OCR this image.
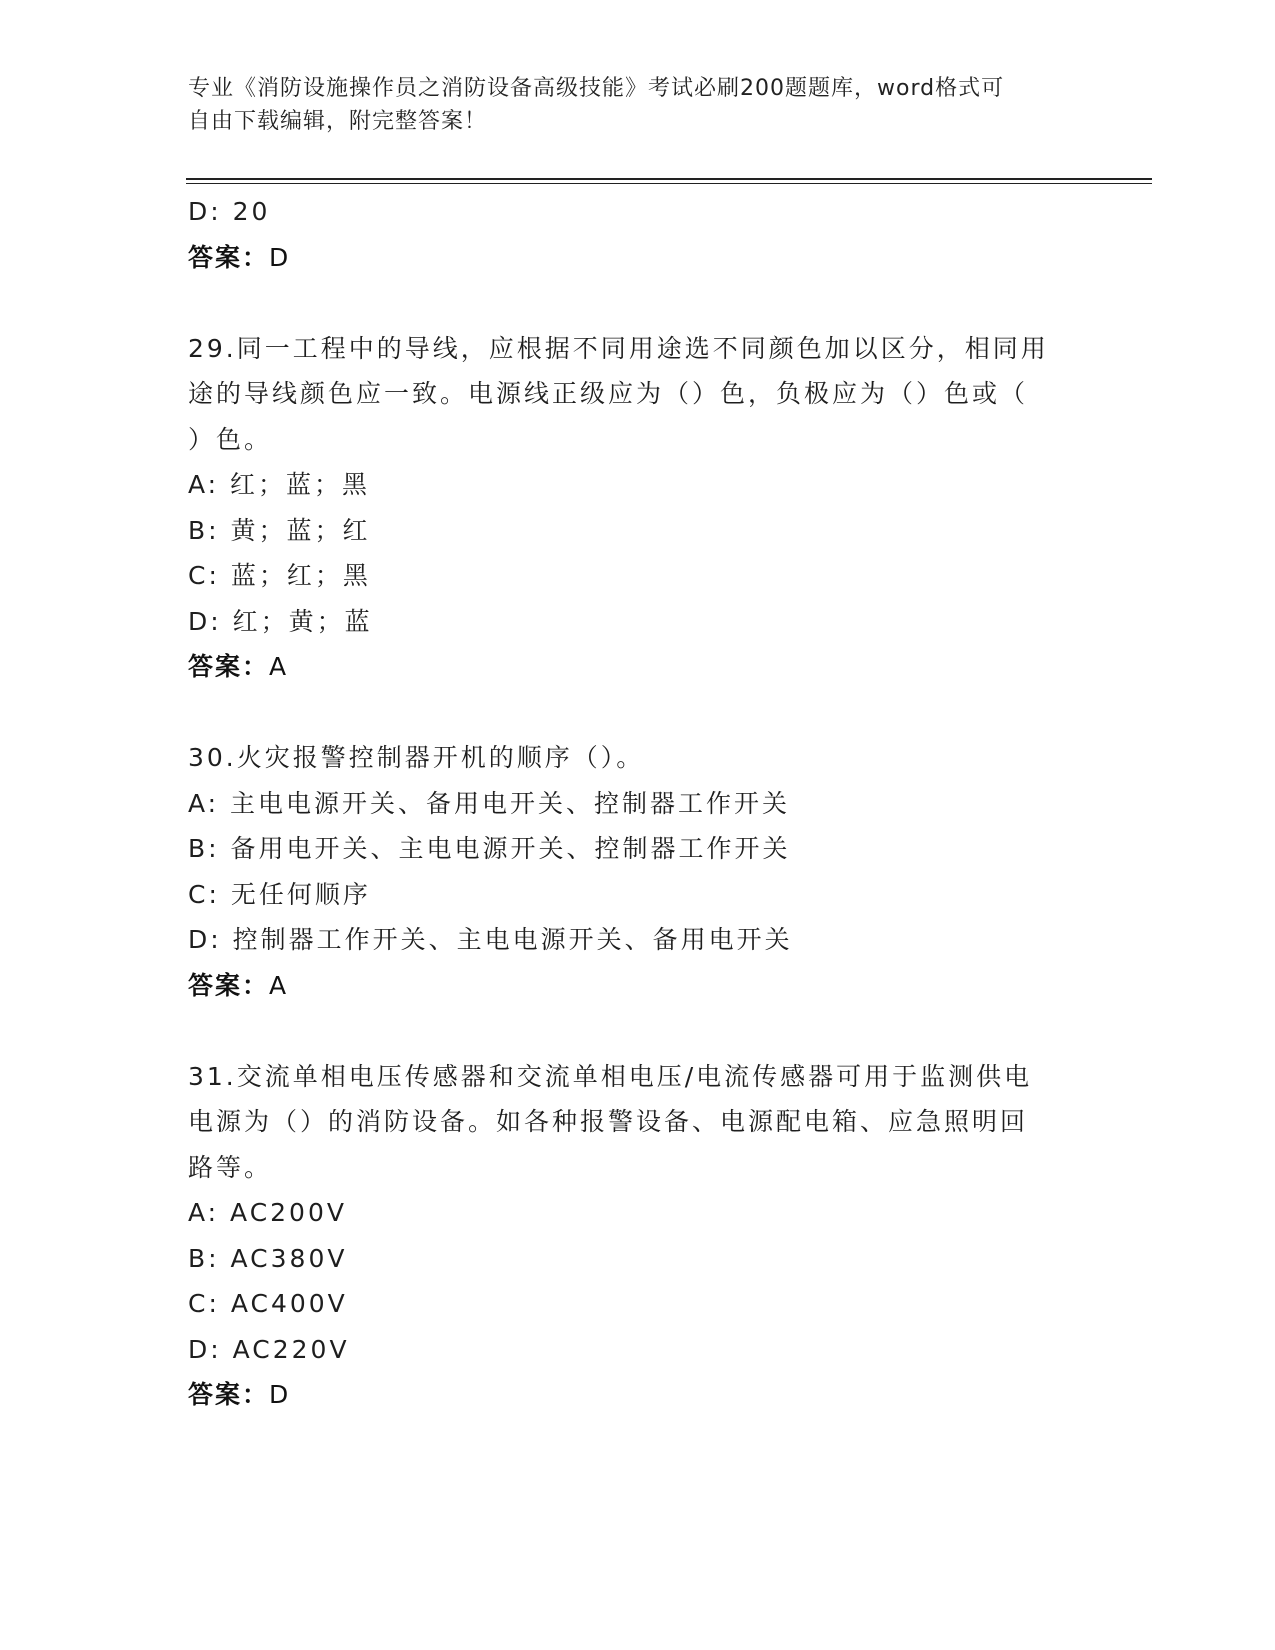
专业《消防设施操作员之消防设备高级技能》考试必刷200题题库，word格式可
自由下载编辑，附完整答案！
D: 20
答案：D
29.同一工程中的导线，应根据不同用途选不同颜色加以区分，相同用
途的导线颜色应一致。电源线正级应为（）色，负极应为（）色或（
）色。
A: 红；蓝；黑
B: 黄；蓝；红
C: 蓝；红；黑
D: 红；黄；蓝
答案：A
30.火灾报警控制器开机的顺序（）。
A: 主电电源开关、备用电开关、控制器工作开关
B: 备用电开关、主电电源开关、控制器工作开关
C: 无任何顺序
D: 控制器工作开关、主电电源开关、备用电开关
答案：A
31.交流单相电压传感器和交流单相电压/电流传感器可用于监测供电
电源为（）的消防设备。如各种报警设备、电源配电箱、应急照明回
路等。
A: AC200V
B: AC380V
C: AC400V
D: AC220V
答案：D
